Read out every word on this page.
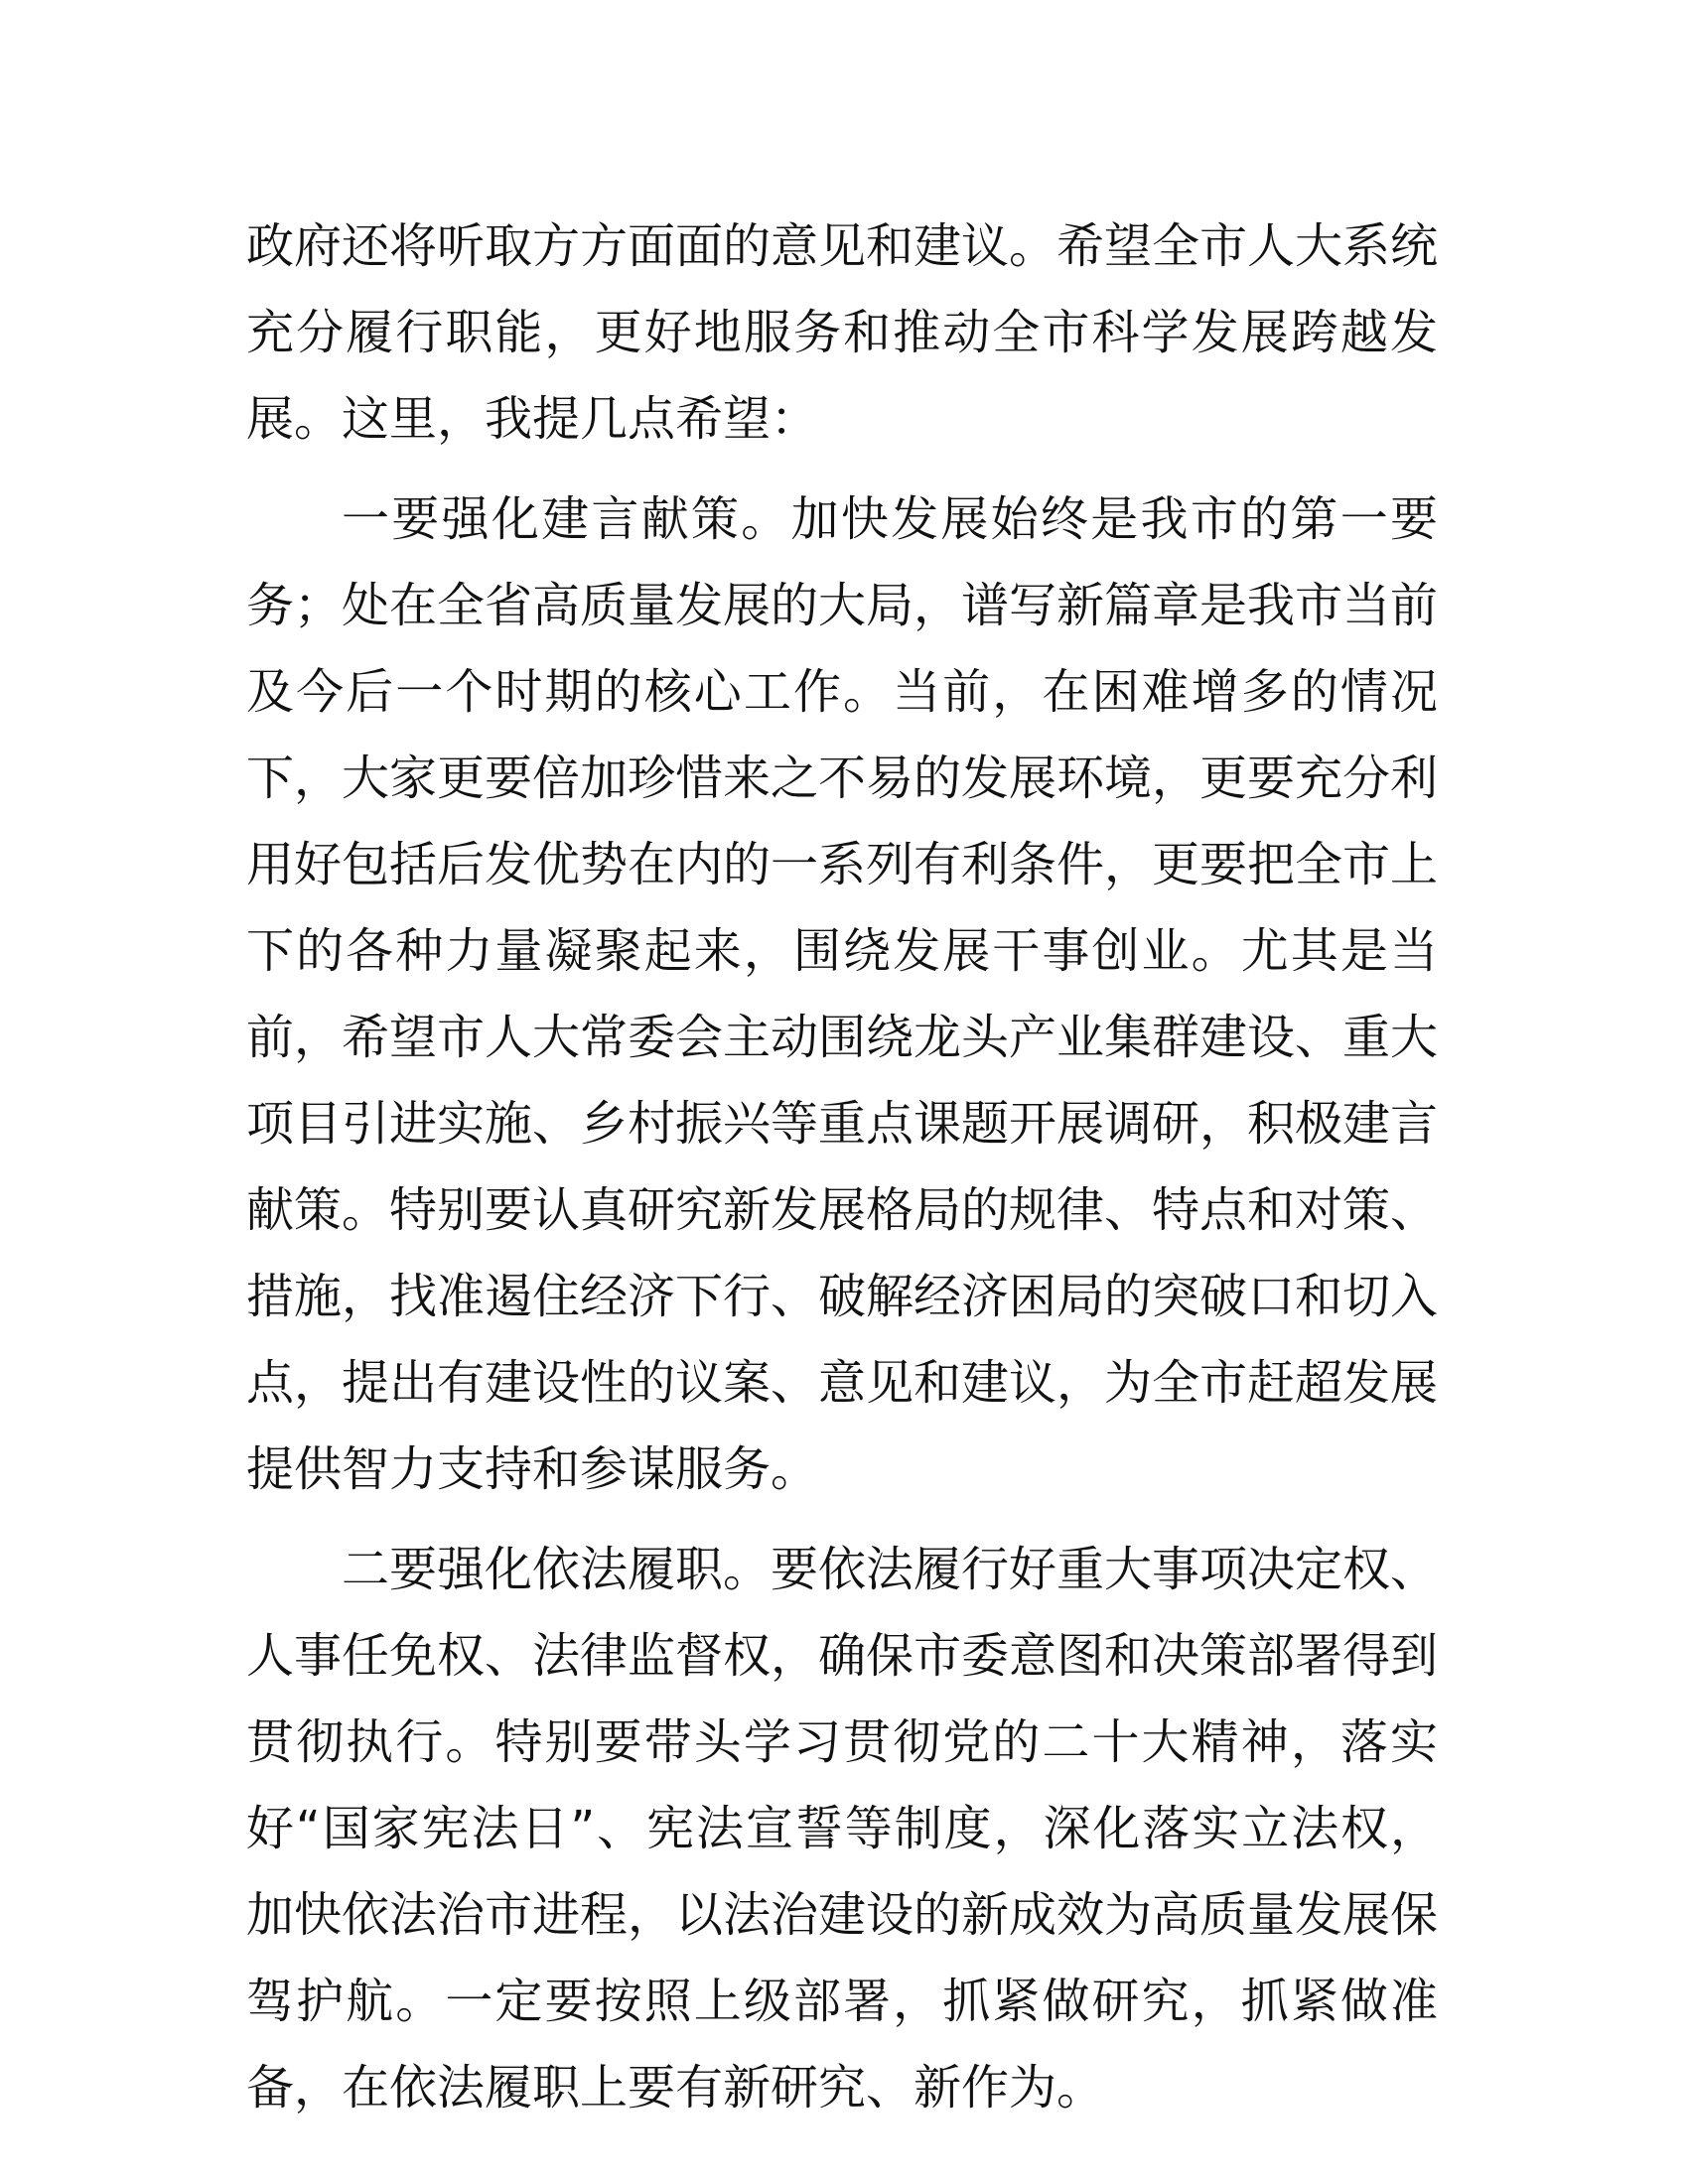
政府还将听取方方面面的意见和建议。希望全市人大系统充分履行职能，更好地服务和推动全市科学发展跨越发展。这里，我提几点希望：

一要强化建言献策。加快发展始终是我市的第一要务；处在全省高质量发展的大局，谱写新篇章是我市当前及今后一个时期的核心工作。当前，在困难增多的情况下，大家更要倍加珍惜来之不易的发展环境，更要充分利用好包括后发优势在内的一系列有利条件，更要把全市上下的各种力量凝聚起来，围绕发展干事创业。尤其是当前，希望市人大常委会主动围绕龙头产业集群建设、重大项目引进实施、乡村振兴等重点课题开展调研，积极建言献策。特别要认真研究新发展格局的规律、特点和对策、措施，找准遏住经济下行、破解经济困局的突破口和切入点，提出有建设性的议案、意见和建议，为全市赶超发展提供智力支持和参谋服务。

二要强化依法履职。要依法履行好重大事项决定权、人事任免权、法律监督权，确保市委意图和决策部署得到贯彻执行。特别要带头学习贯彻党的二十大精神，落实好“国家宪法日”、宪法宣誓等制度，深化落实立法权，加快依法治市进程，以法治建设的新成效为高质量发展保驾护航。一定要按照上级部署，抓紧做研究，抓紧做准备，在依法履职上要有新研究、新作为。
